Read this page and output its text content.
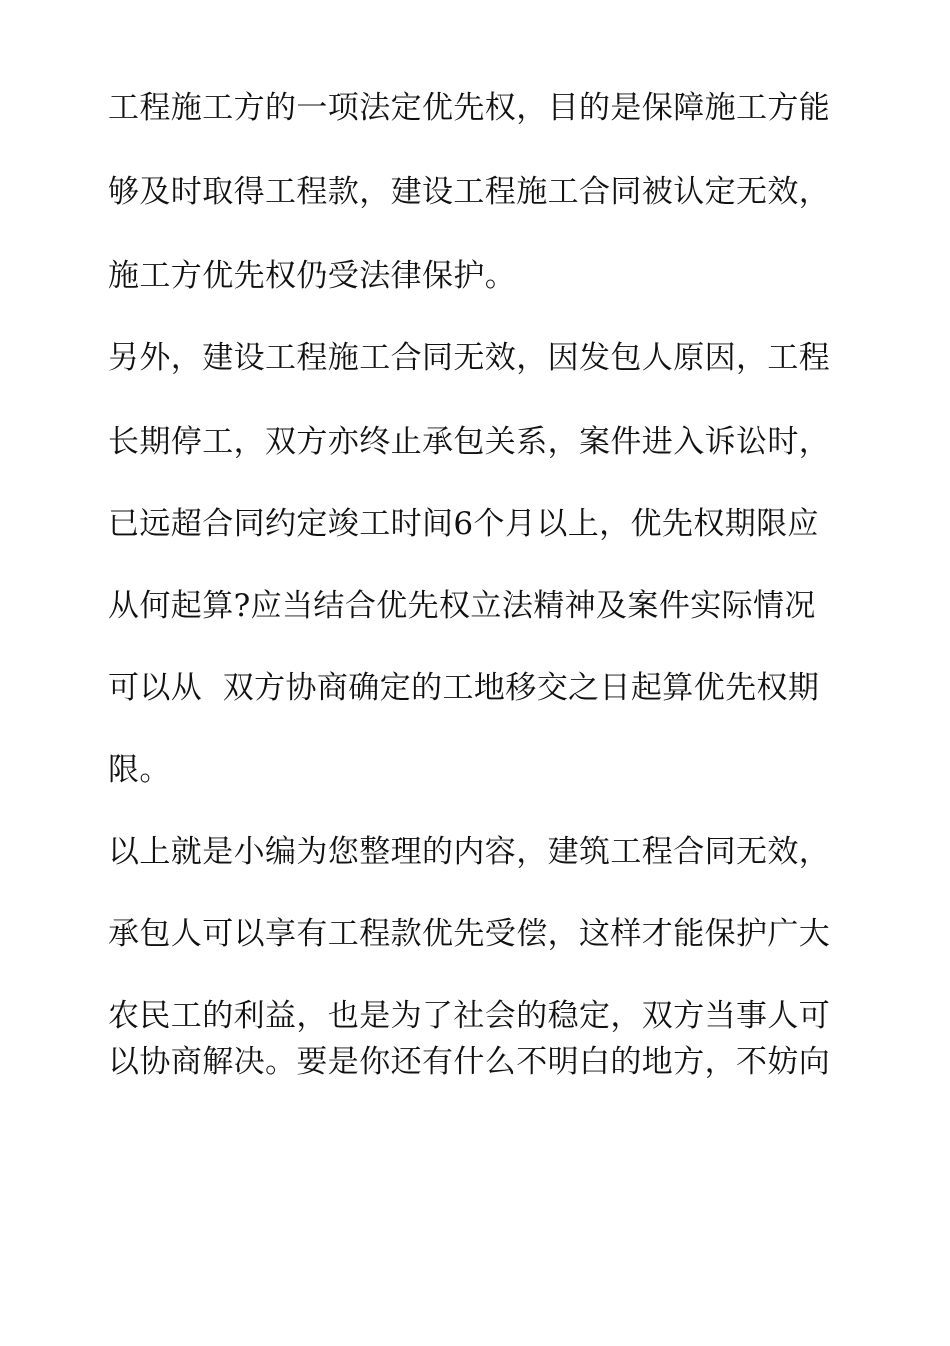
工程施工方的一项法定优先权，目的是保障施工方能
够及时取得工程款，建设工程施工合同被认定无效，
施工方优先权仍受法律保护。
另外，建设工程施工合同无效，因发包人原因，工程
长期停工，双方亦终止承包关系，案件进入诉讼时，
已远超合同约定竣工时间6个月以上，优先权期限应
从何起算?应当结合优先权立法精神及案件实际情况
可以从  双方协商确定的工地移交之日起算优先权期
限。
以上就是小编为您整理的内容，建筑工程合同无效，
承包人可以享有工程款优先受偿，这样才能保护广大
农民工的利益，也是为了社会的稳定，双方当事人可
以协商解决。要是你还有什么不明白的地方，不妨向
